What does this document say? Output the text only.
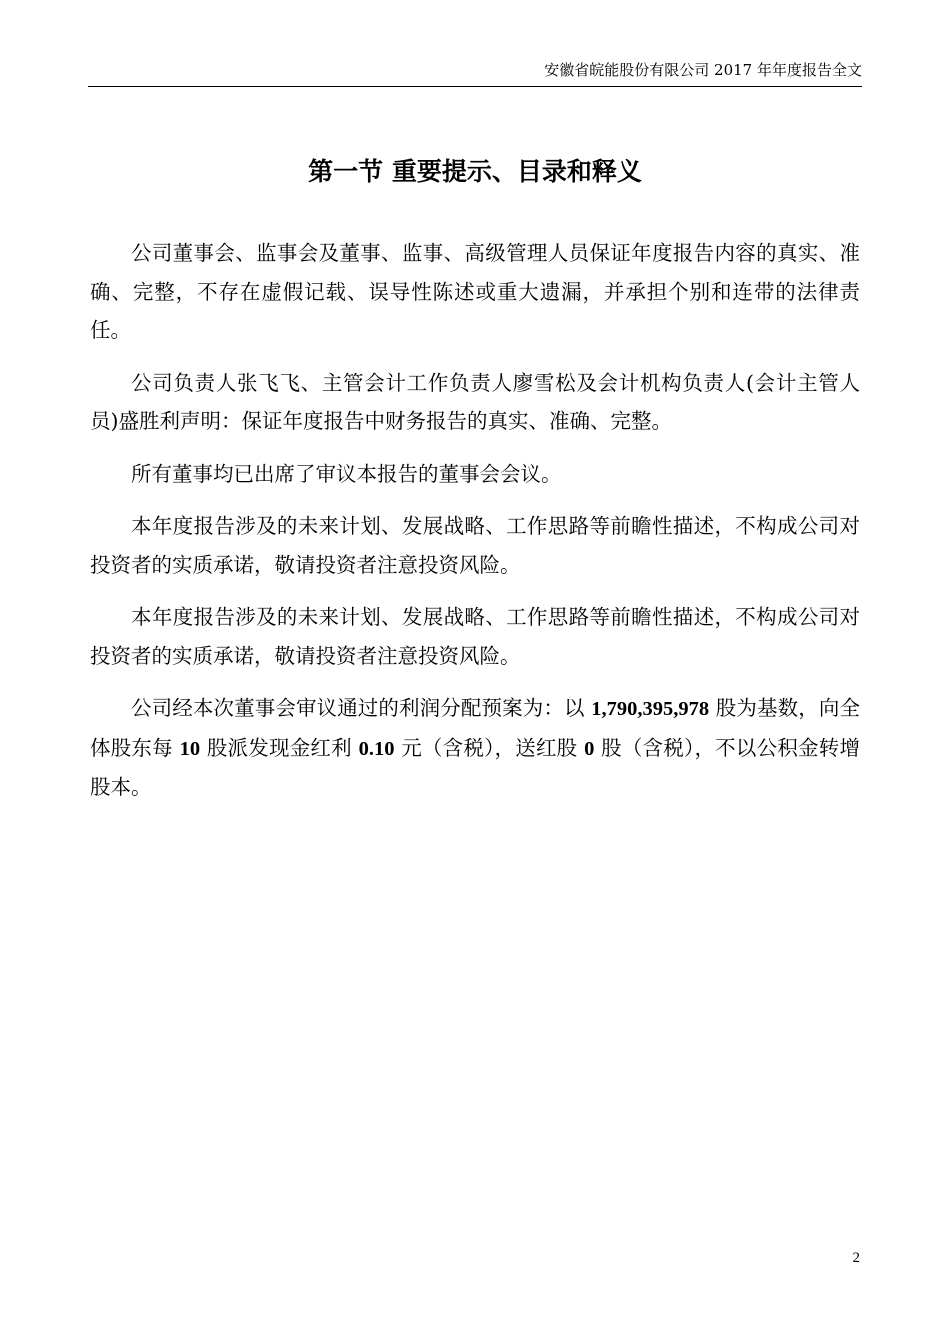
安徽省皖能股份有限公司 2017 年年度报告全文
第一节 重要提示、目录和释义

公司董事会、监事会及董事、监事、高级管理人员保证年度报告内容的真实、准确、完整，不存在虚假记载、误导性陈述或重大遗漏，并承担个别和连带的法律责任。

公司负责人张飞飞、主管会计工作负责人廖雪松及会计机构负责人(会计主管人员)盛胜利声明：保证年度报告中财务报告的真实、准确、完整。

所有董事均已出席了审议本报告的董事会会议。

本年度报告涉及的未来计划、发展战略、工作思路等前瞻性描述，不构成公司对投资者的实质承诺，敬请投资者注意投资风险。

本年度报告涉及的未来计划、发展战略、工作思路等前瞻性描述，不构成公司对投资者的实质承诺，敬请投资者注意投资风险。

公司经本次董事会审议通过的利润分配预案为：以 1,790,395,978 股为基数，向全体股东每 10 股派发现金红利 0.10 元（含税），送红股 0 股（含税），不以公积金转增股本。

2
